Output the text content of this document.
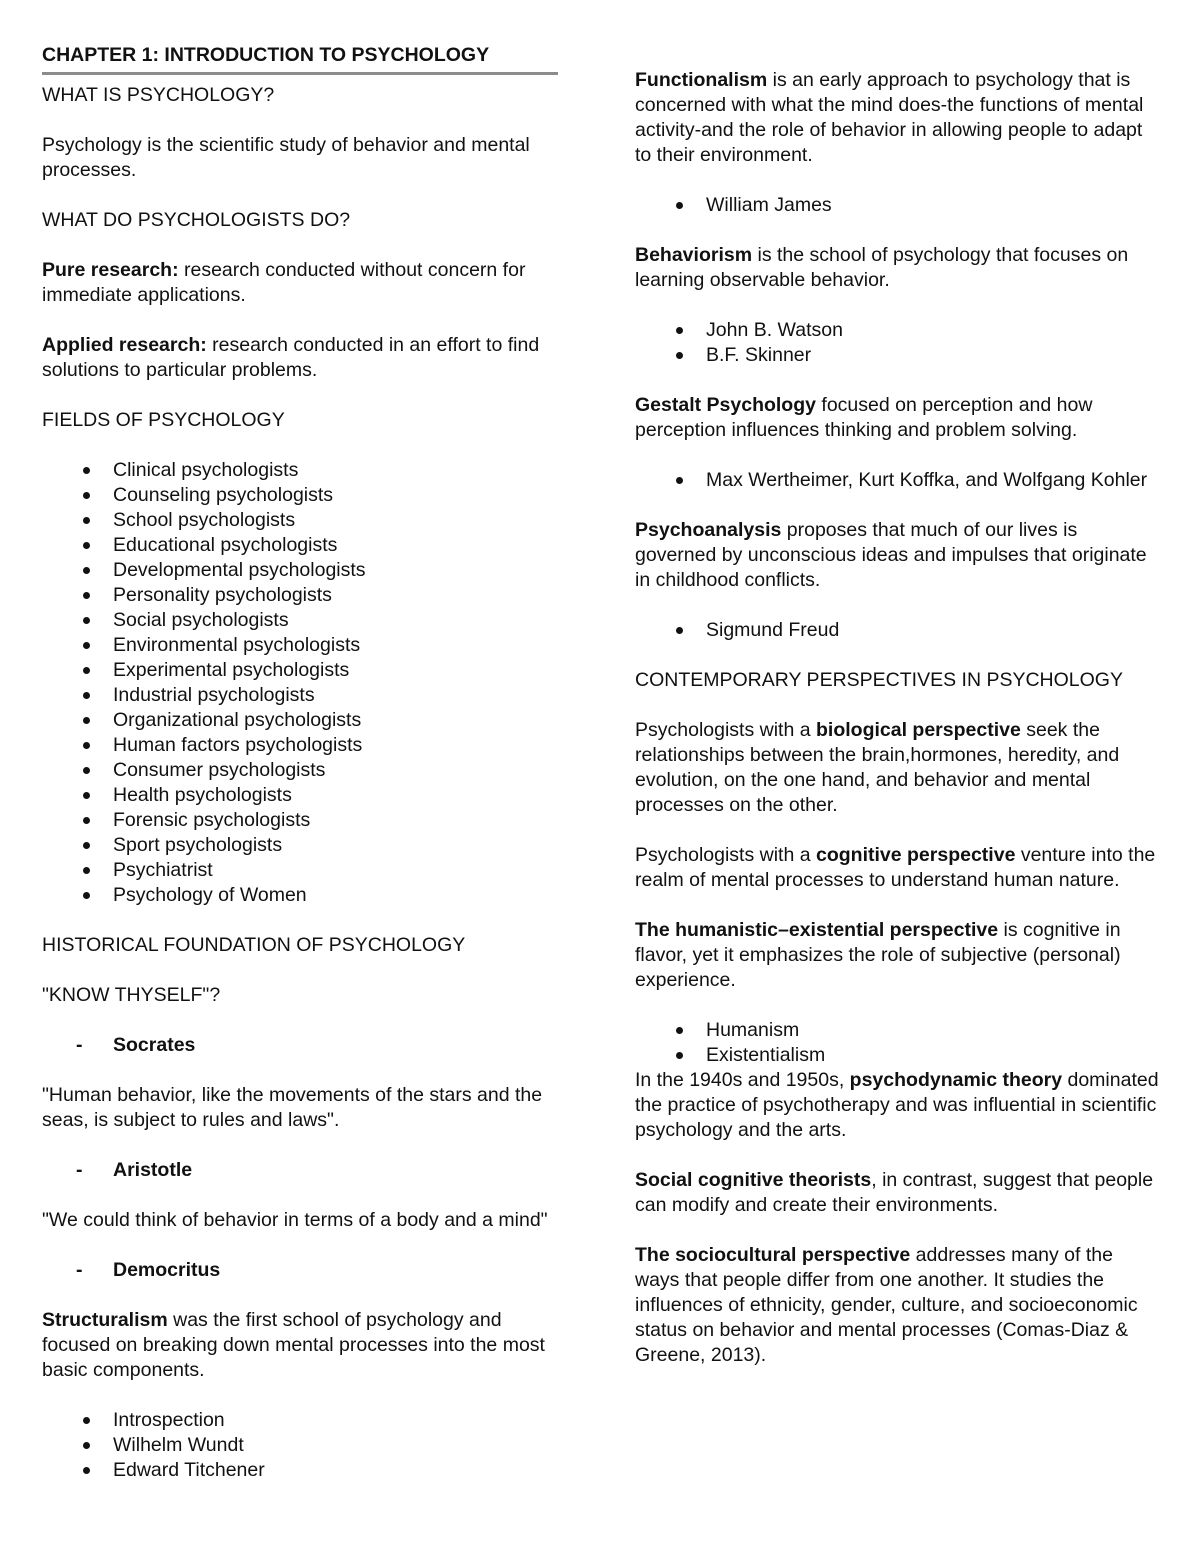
CHAPTER 1: INTRODUCTION TO PSYCHOLOGY

WHAT IS PSYCHOLOGY?

Psychology is the scientific study of behavior and mental processes.

WHAT DO PSYCHOLOGISTS DO?

Pure research: research conducted without concern for immediate applications.

Applied research: research conducted in an effort to find solutions to particular problems.

FIELDS OF PSYCHOLOGY

Clinical psychologists
Counseling psychologists
School psychologists
Educational psychologists
Developmental psychologists
Personality psychologists
Social psychologists
Environmental psychologists
Experimental psychologists
Industrial psychologists
Organizational psychologists
Human factors psychologists
Consumer psychologists
Health psychologists
Forensic psychologists
Sport psychologists
Psychiatrist
Psychology of Women

HISTORICAL FOUNDATION OF PSYCHOLOGY

"KNOW THYSELF"?

- Socrates

"Human behavior, like the movements of the stars and the seas, is subject to rules and laws".

- Aristotle

"We could think of behavior in terms of a body and a mind"

- Democritus

Structuralism was the first school of psychology and focused on breaking down mental processes into the most basic components.

Introspection
Wilhelm Wundt
Edward Titchener

Functionalism is an early approach to psychology that is concerned with what the mind does-the functions of mental activity-and the role of behavior in allowing people to adapt to their environment.

William James

Behaviorism is the school of psychology that focuses on learning observable behavior.

John B. Watson
B.F. Skinner

Gestalt Psychology focused on perception and how perception influences thinking and problem solving.

Max Wertheimer, Kurt Koffka, and Wolfgang Kohler

Psychoanalysis proposes that much of our lives is governed by unconscious ideas and impulses that originate in childhood conflicts.

Sigmund Freud

CONTEMPORARY PERSPECTIVES IN PSYCHOLOGY

Psychologists with a biological perspective seek the relationships between the brain,hormones, heredity, and evolution, on the one hand, and behavior and mental processes on the other.

Psychologists with a cognitive perspective venture into the realm of mental processes to understand human nature.

The humanistic–existential perspective is cognitive in flavor, yet it emphasizes the role of subjective (personal) experience.

Humanism
Existentialism

In the 1940s and 1950s, psychodynamic theory dominated the practice of psychotherapy and was influential in scientific psychology and the arts.

Social cognitive theorists, in contrast, suggest that people can modify and create their environments.

The sociocultural perspective addresses many of the ways that people differ from one another. It studies the influences of ethnicity, gender, culture, and socioeconomic status on behavior and mental processes (Comas-Diaz & Greene, 2013).
